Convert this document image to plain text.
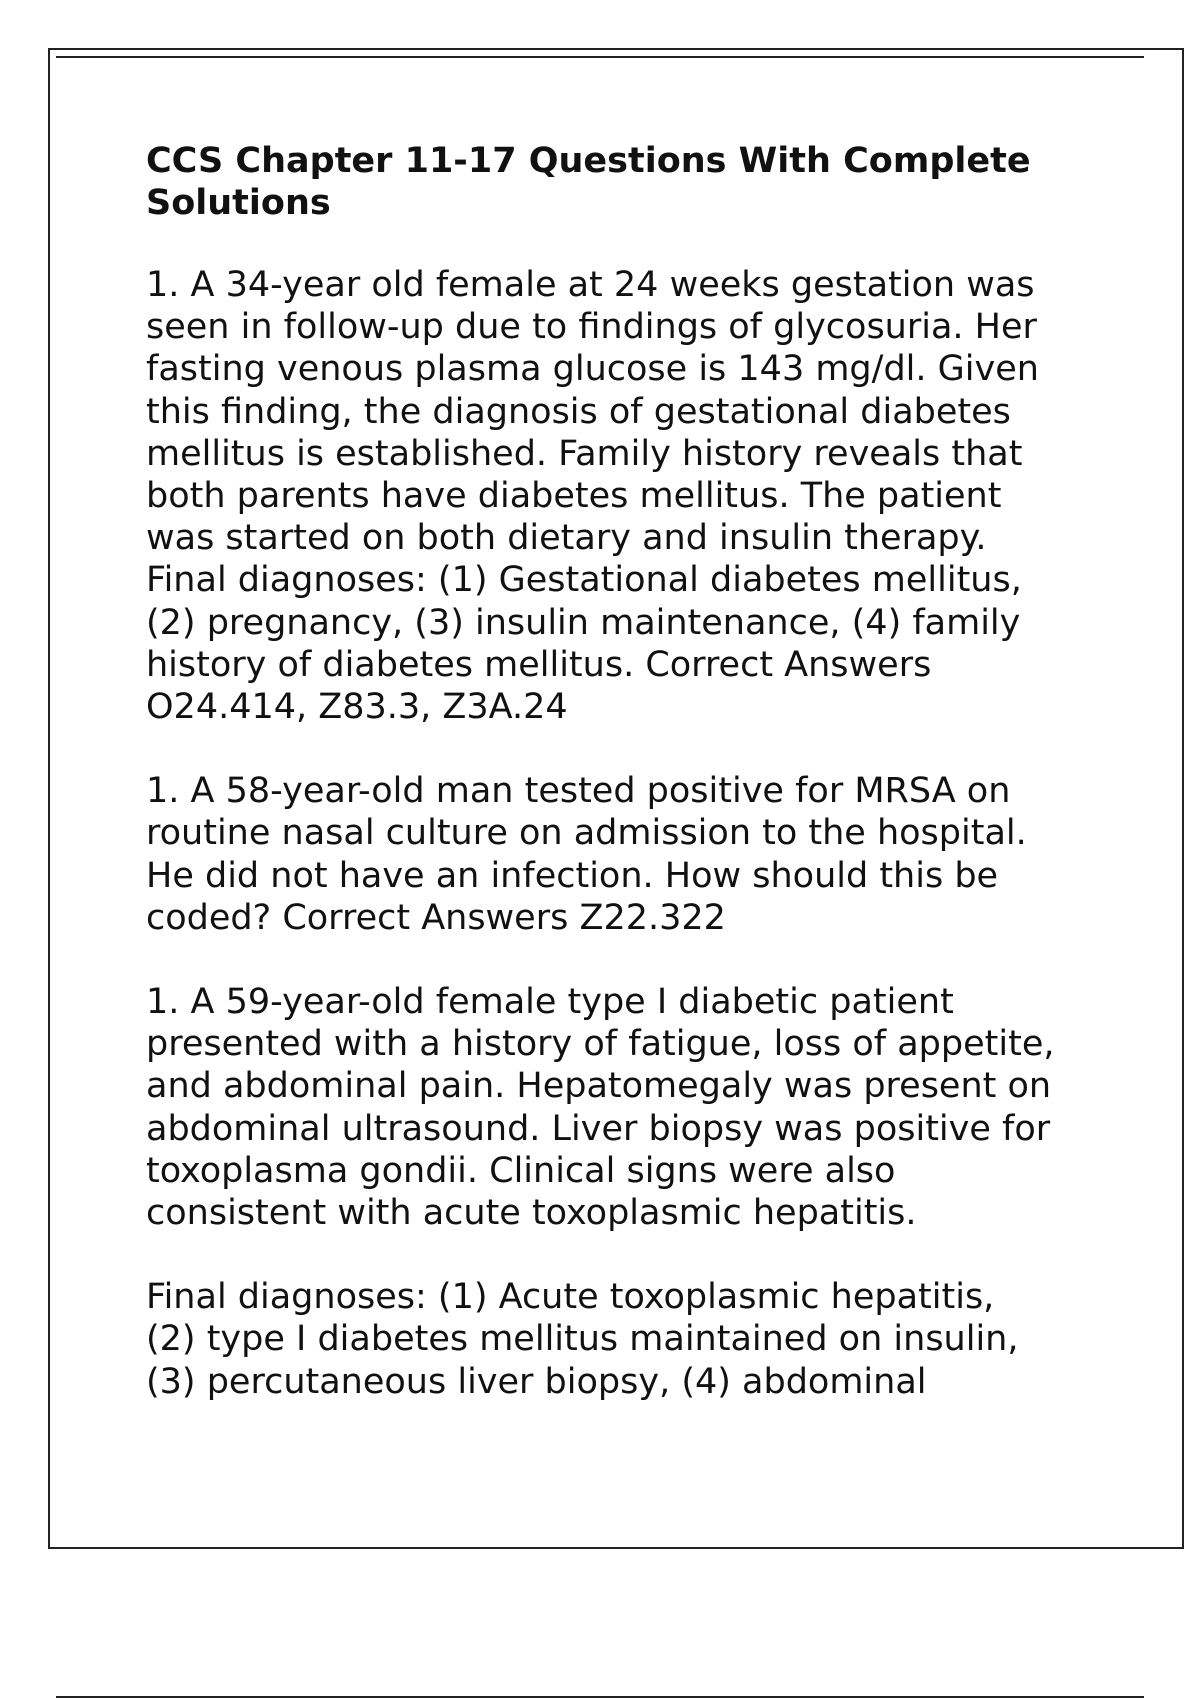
CCS Chapter 11-17 Questions With Complete
Solutions

1. A 34-year old female at 24 weeks gestation was
seen in follow-up due to findings of glycosuria. Her
fasting venous plasma glucose is 143 mg/dl. Given
this finding, the diagnosis of gestational diabetes
mellitus is established. Family history reveals that
both parents have diabetes mellitus. The patient
was started on both dietary and insulin therapy.
Final diagnoses: (1) Gestational diabetes mellitus,
(2) pregnancy, (3) insulin maintenance, (4) family
history of diabetes mellitus. Correct Answers
O24.414, Z83.3, Z3A.24

1. A 58-year-old man tested positive for MRSA on
routine nasal culture on admission to the hospital.
He did not have an infection. How should this be
coded? Correct Answers Z22.322

1. A 59-year-old female type I diabetic patient
presented with a history of fatigue, loss of appetite,
and abdominal pain. Hepatomegaly was present on
abdominal ultrasound. Liver biopsy was positive for
toxoplasma gondii. Clinical signs were also
consistent with acute toxoplasmic hepatitis.

Final diagnoses: (1) Acute toxoplasmic hepatitis,
(2) type I diabetes mellitus maintained on insulin,
(3) percutaneous liver biopsy, (4) abdominal
